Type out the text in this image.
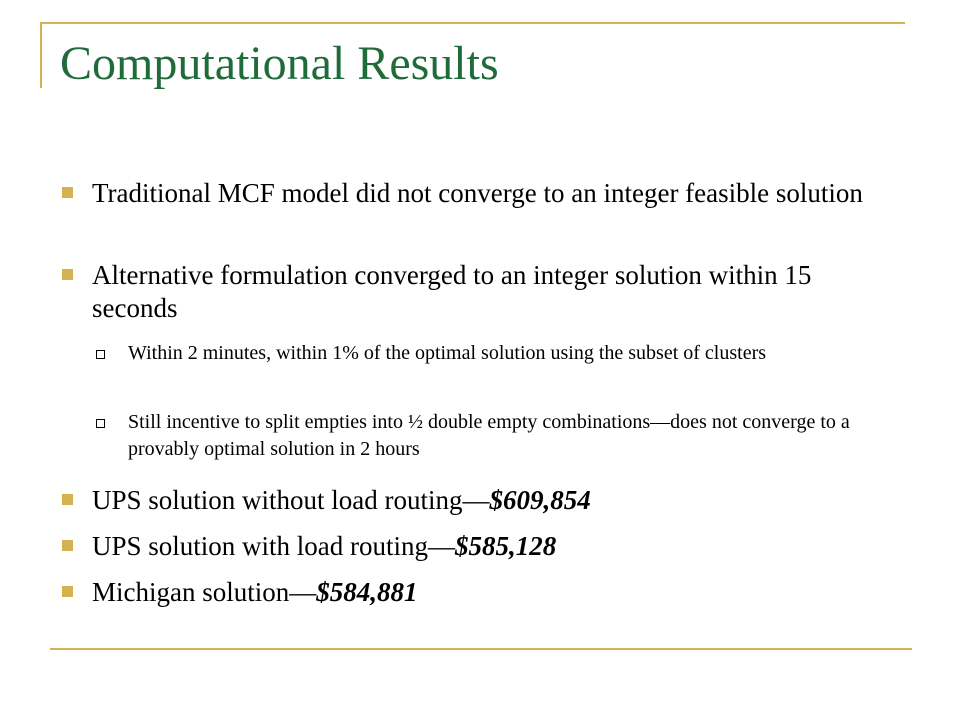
Computational Results
Traditional MCF model did not converge to an integer feasible solution
Alternative formulation converged to an integer solution within 15 seconds
Within 2 minutes, within 1% of the optimal solution using the subset of clusters
Still incentive to split empties into ½ double empty combinations—does not converge to a provably optimal solution in 2 hours
UPS solution without load routing—$609,854
UPS solution with load routing—$585,128
Michigan solution—$584,881
